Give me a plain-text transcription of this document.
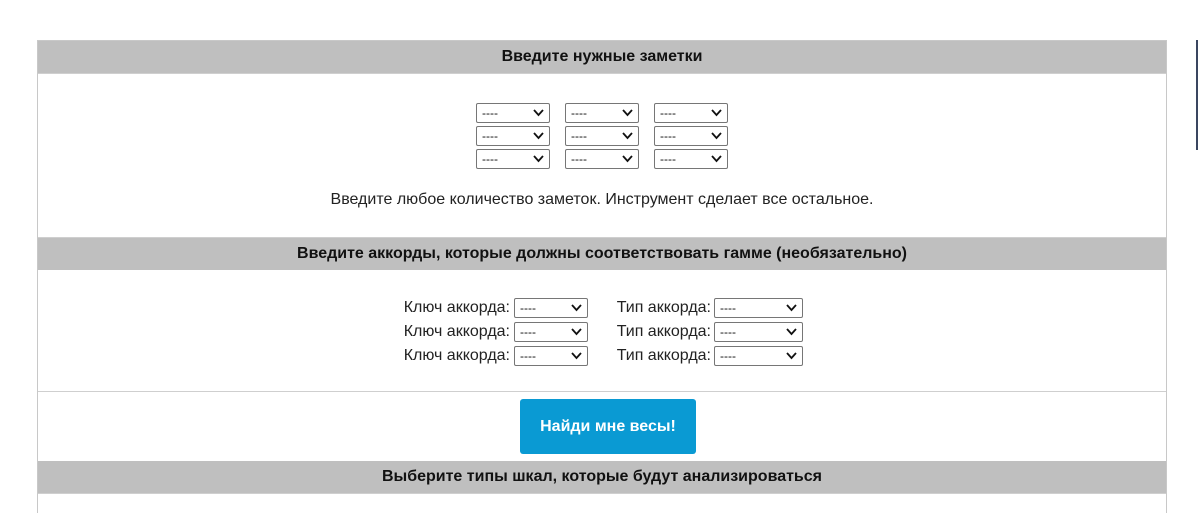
Введите нужные заметки
----	----	----
----	----	----
----	----	----
Введите любое количество заметок. Инструмент сделает все остальное.
Введите аккорды, которые должны соответствовать гамме (необязательно)
Ключ аккорда: ----	Тип аккорда: ----
Ключ аккорда: ----	Тип аккорда: ----
Ключ аккорда: ----	Тип аккорда: ----
Найди мне весы!
Выберите типы шкал, которые будут анализироваться
